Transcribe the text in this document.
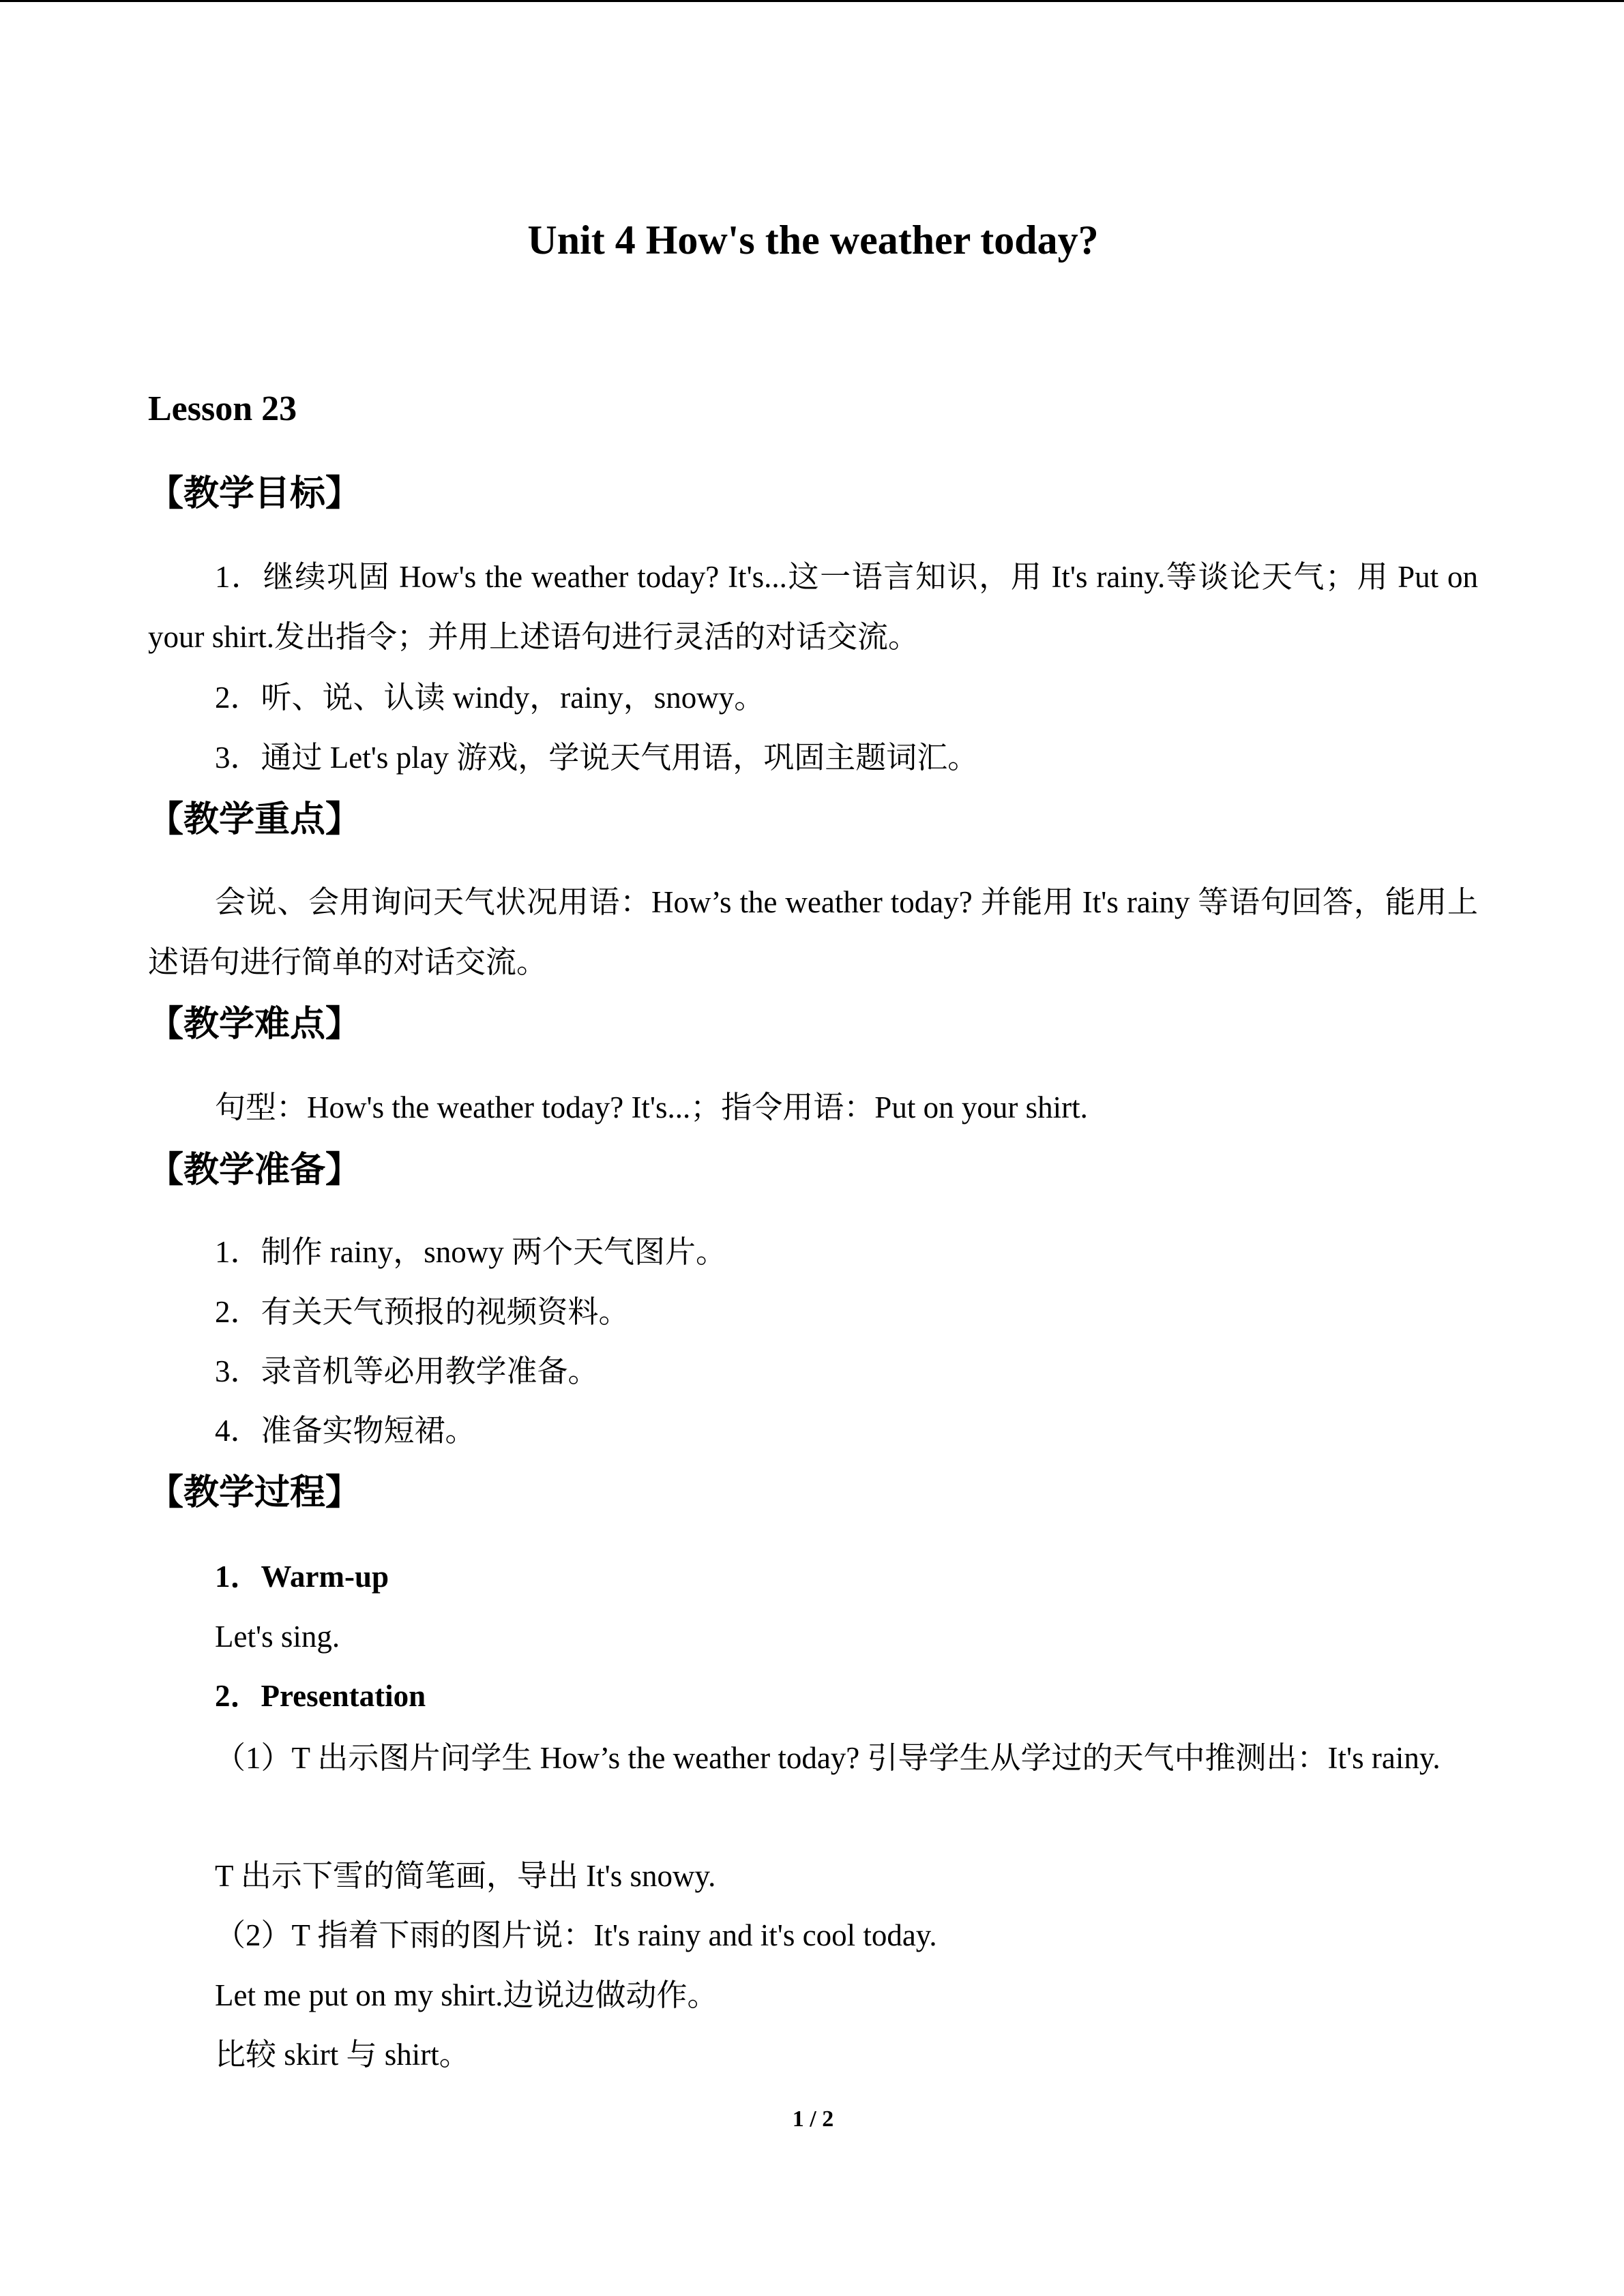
Unit 4 How's the weather today?
Lesson 23
【教学目标】
1．继续巩固 How's the weather today? It's...这一语言知识，用 It's rainy.等谈论天气；用 Put on your shirt.发出指令；并用上述语句进行灵活的对话交流。
2．听、说、认读 windy，rainy，snowy。
3．通过 Let's play 游戏，学说天气用语，巩固主题词汇。
【教学重点】
会说、会用询问天气状况用语：How’s the weather today? 并能用 It's rainy 等语句回答，能用上述语句进行简单的对话交流。
【教学难点】
句型：How's the weather today? It's...；指令用语：Put on your shirt.
【教学准备】
1．制作 rainy，snowy 两个天气图片。
2．有关天气预报的视频资料。
3．录音机等必用教学准备。
4．准备实物短裙。
【教学过程】
1．Warm-up
Let's sing.
2．Presentation
（1）T 出示图片问学生 How’s the weather today? 引导学生从学过的天气中推测出：It's rainy.
T 出示下雪的简笔画，导出 It's snowy.
（2）T 指着下雨的图片说：It's rainy and it's cool today.
Let me put on my shirt.边说边做动作。
比较 skirt 与 shirt。
1 / 2
